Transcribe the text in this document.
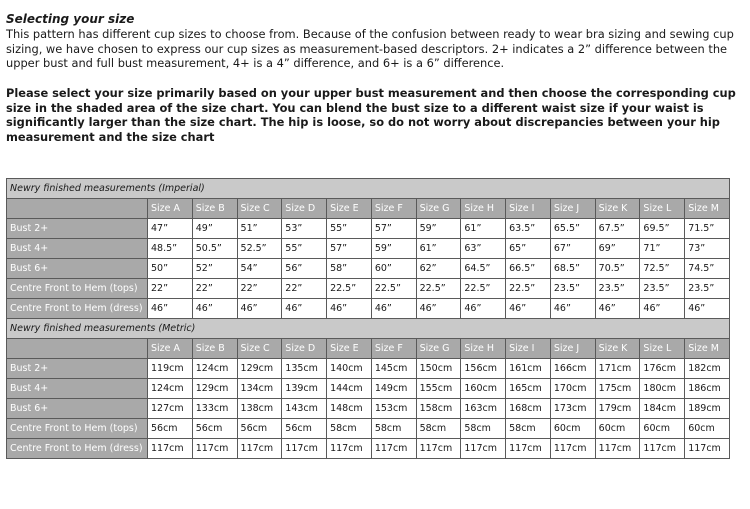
Selecting your size
This pattern has different cup sizes to choose from. Because of the confusion between ready to wear bra sizing and sewing cup sizing, we have chosen to express our cup sizes as measurement-based descriptors. 2+ indicates a 2” difference between the upper bust and full bust measurement, 4+ is a 4” difference, and 6+ is a 6” difference.
Please select your size primarily based on your upper bust measurement and then choose the corresponding cup size in the shaded area of the size chart. You can blend the bust size to a different waist size if your waist is significantly larger than the size chart. The hip is loose, so do not worry about discrepancies between your hip measurement and the size chart
Newry finished measurements (Imperial)													
	Size A	Size B	Size C	Size D	Size E	Size F	Size G	Size H	Size I	Size J	Size K	Size L	Size M
Bust 2+	47”	49”	51”	53”	55”	57”	59”	61”	63.5”	65.5”	67.5”	69.5”	71.5”
Bust 4+	48.5”	50.5”	52.5”	55”	57”	59”	61”	63”	65”	67”	69”	71”	73”
Bust 6+	50”	52”	54”	56”	58”	60”	62”	64.5”	66.5”	68.5”	70.5”	72.5”	74.5”
Centre Front to Hem (tops)	22”	22”	22”	22”	22.5”	22.5”	22.5”	22.5”	22.5”	23.5”	23.5”	23.5”	23.5”
Centre Front to Hem (dress)	46”	46”	46”	46”	46”	46”	46”	46”	46”	46”	46”	46”	46”
Newry finished measurements (Metric)													
	Size A	Size B	Size C	Size D	Size E	Size F	Size G	Size H	Size I	Size J	Size K	Size L	Size M
Bust 2+	119cm	124cm	129cm	135cm	140cm	145cm	150cm	156cm	161cm	166cm	171cm	176cm	182cm
Bust 4+	124cm	129cm	134cm	139cm	144cm	149cm	155cm	160cm	165cm	170cm	175cm	180cm	186cm
Bust 6+	127cm	133cm	138cm	143cm	148cm	153cm	158cm	163cm	168cm	173cm	179cm	184cm	189cm
Centre Front to Hem (tops)	56cm	56cm	56cm	56cm	58cm	58cm	58cm	58cm	58cm	60cm	60cm	60cm	60cm
Centre Front to Hem (dress)	117cm	117cm	117cm	117cm	117cm	117cm	117cm	117cm	117cm	117cm	117cm	117cm	117cm
